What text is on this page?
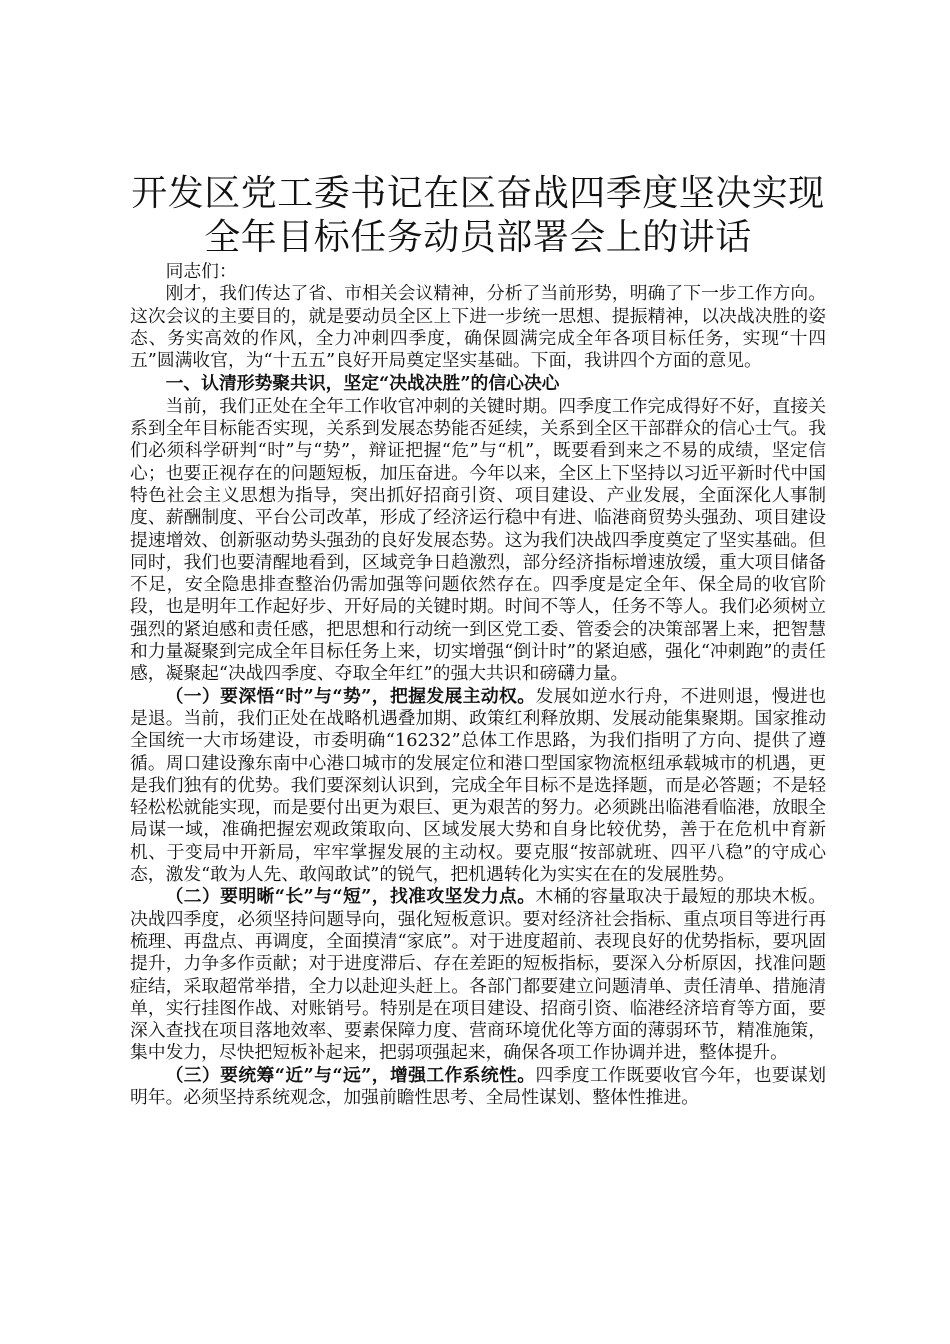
开发区党工委书记在区奋战四季度坚决实现全年目标任务动员部署会上的讲话

同志们：

刚才，我们传达了省、市相关会议精神，分析了当前形势，明确了下一步工作方向。这次会议的主要目的，就是要动员全区上下进一步统一思想、提振精神，以决战决胜的姿态、务实高效的作风，全力冲刺四季度，确保圆满完成全年各项目标任务，实现“十四五”圆满收官，为“十五五”良好开局奠定坚实基础。下面，我讲四个方面的意见。

一、认清形势聚共识，坚定“决战决胜”的信心决心

当前，我们正处在全年工作收官冲刺的关键时期。四季度工作完成得好不好，直接关系到全年目标能否实现，关系到发展态势能否延续，关系到全区干部群众的信心士气。我们必须科学研判“时”与“势”，辩证把握“危”与“机”，既要看到来之不易的成绩，坚定信心；也要正视存在的问题短板，加压奋进。今年以来，全区上下坚持以习近平新时代中国特色社会主义思想为指导，突出抓好招商引资、项目建设、产业发展，全面深化人事制度、薪酬制度、平台公司改革，形成了经济运行稳中有进、临港商贸势头强劲、项目建设提速增效、创新驱动势头强劲的良好发展态势。这为我们决战四季度奠定了坚实基础。但同时，我们也要清醒地看到，区域竞争日趋激烈，部分经济指标增速放缓，重大项目储备不足，安全隐患排查整治仍需加强等问题依然存在。四季度是定全年、保全局的收官阶段，也是明年工作起好步、开好局的关键时期。时间不等人，任务不等人。我们必须树立强烈的紧迫感和责任感，把思想和行动统一到区党工委、管委会的决策部署上来，把智慧和力量凝聚到完成全年目标任务上来，切实增强“倒计时”的紧迫感，强化“冲刺跑”的责任感，凝聚起“决战四季度、夺取全年红”的强大共识和磅礴力量。

（一）要深悟“时”与“势”，把握发展主动权。发展如逆水行舟，不进则退，慢进也是退。当前，我们正处在战略机遇叠加期、政策红利释放期、发展动能集聚期。国家推动全国统一大市场建设，市委明确“16232”总体工作思路，为我们指明了方向、提供了遵循。周口建设豫东南中心港口城市的发展定位和港口型国家物流枢纽承载城市的机遇，更是我们独有的优势。我们要深刻认识到，完成全年目标不是选择题，而是必答题；不是轻轻松松就能实现，而是要付出更为艰巨、更为艰苦的努力。必须跳出临港看临港，放眼全局谋一域，准确把握宏观政策取向、区域发展大势和自身比较优势，善于在危机中育新机、于变局中开新局，牢牢掌握发展的主动权。要克服“按部就班、四平八稳”的守成心态，激发“敢为人先、敢闯敢试”的锐气，把机遇转化为实实在在的发展胜势。

（二）要明晰“长”与“短”，找准攻坚发力点。木桶的容量取决于最短的那块木板。决战四季度，必须坚持问题导向，强化短板意识。要对经济社会指标、重点项目等进行再梳理、再盘点、再调度，全面摸清“家底”。对于进度超前、表现良好的优势指标，要巩固提升，力争多作贡献；对于进度滞后、存在差距的短板指标，要深入分析原因，找准问题症结，采取超常举措，全力以赴迎头赶上。各部门都要建立问题清单、责任清单、措施清单，实行挂图作战、对账销号。特别是在项目建设、招商引资、临港经济培育等方面，要深入查找在项目落地效率、要素保障力度、营商环境优化等方面的薄弱环节，精准施策，集中发力，尽快把短板补起来，把弱项强起来，确保各项工作协调并进，整体提升。

（三）要统筹“近”与“远”，增强工作系统性。四季度工作既要收官今年，也要谋划明年。必须坚持系统观念，加强前瞻性思考、全局性谋划、整体性推进。
